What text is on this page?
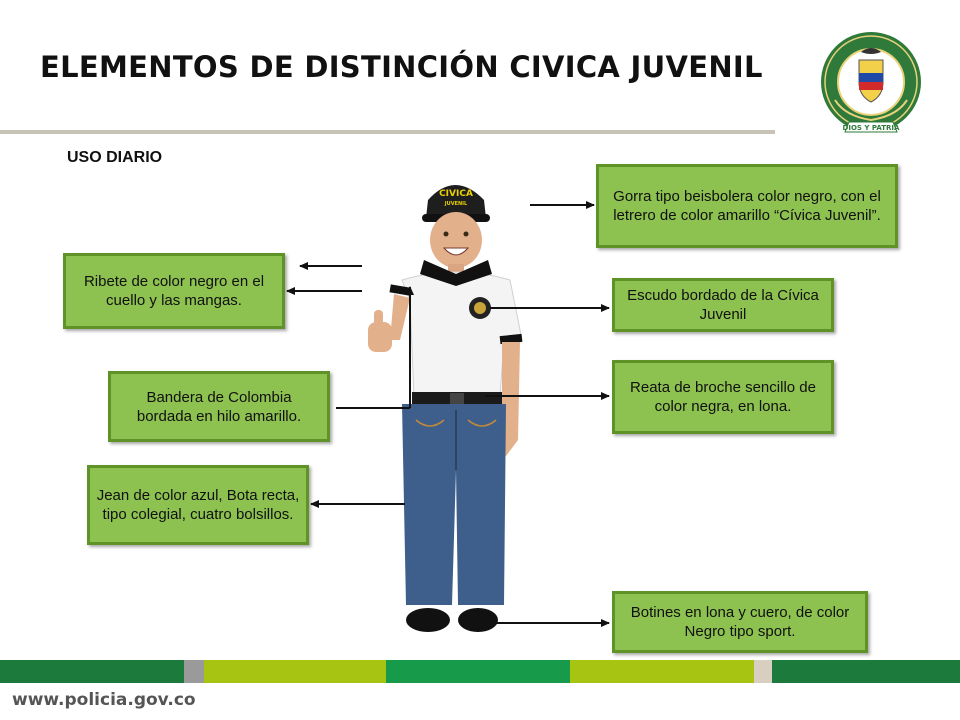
ELEMENTOS DE DISTINCIÓN CIVICA JUVENIL
DIOS Y PATRIA
USO DIARIO
CIVICA
JUVENIL	Gorra tipo beisbolera color negro, con el letrero de color amarillo “Cívica Juvenil”.
Ribete de color negro en el cuello y las mangas.	Escudo bordado de la Cívica Juvenil
Bandera de Colombia bordada en hilo amarillo.
Reata de broche sencillo de color negra, en lona.
Jean de color azul, Bota recta, tipo colegial, cuatro bolsillos.
Botines en lona y cuero, de color Negro tipo sport.

www.policia.gov.co
